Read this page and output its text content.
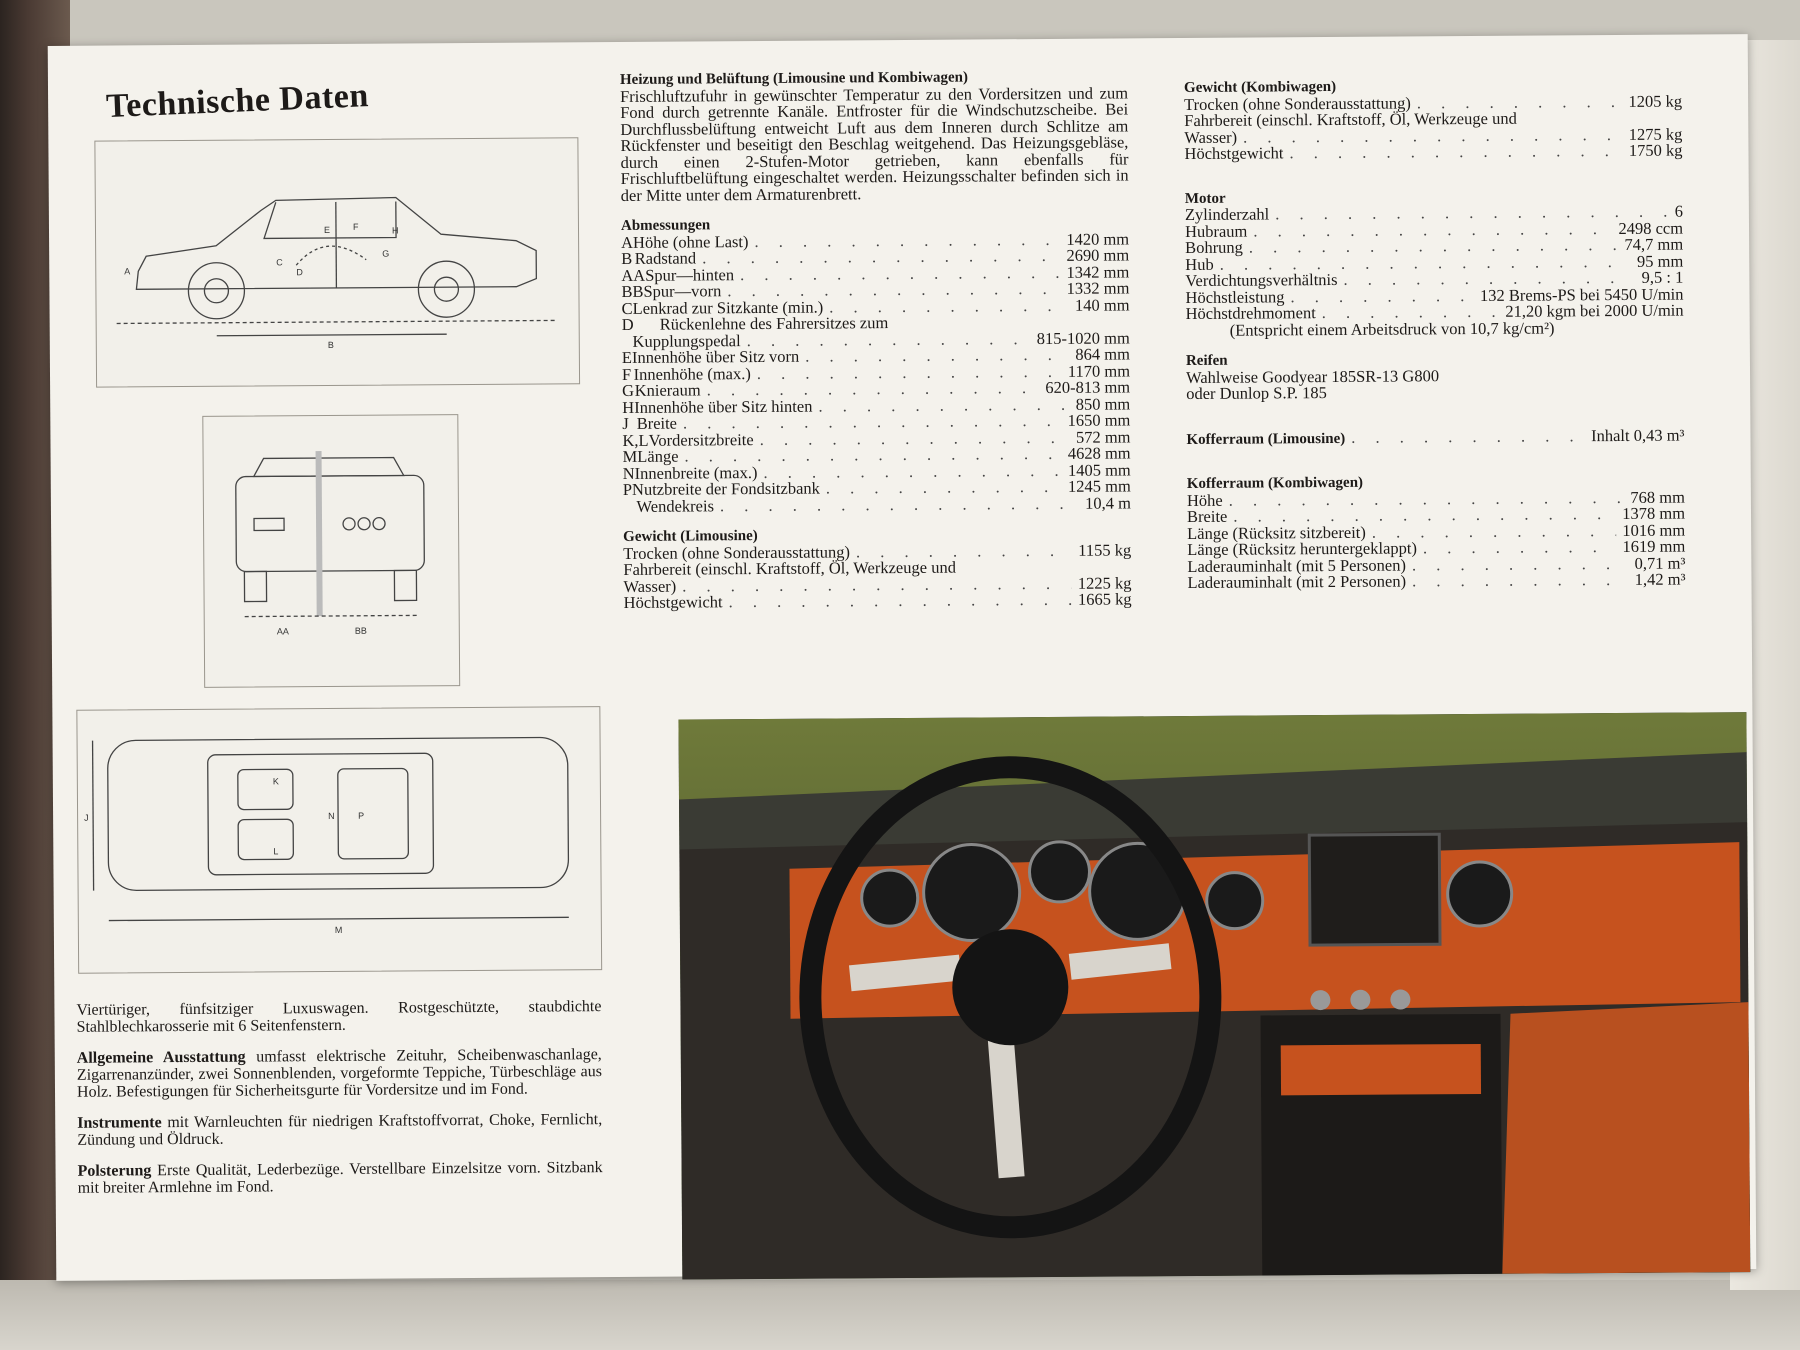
Technische Daten
A
B
C
D
E	F
G
H
AA	BB
J
K
L
M
N	P

Viertüriger, fünfsitziger Luxuswagen. Rostgeschützte, staubdichte Stahlblechkarosserie mit 6 Seitenfenstern.

Allgemeine Ausstattung umfasst elektrische Zeituhr, Scheibenwaschanlage, Zigarrenanzünder, zwei Sonnenblenden, vorgeformte Teppiche, Türbeschläge aus Holz. Befestigungen für Sicherheitsgurte für Vordersitze und im Fond.

Instrumente mit Warnleuchten für niedrigen Kraftstoffvorrat, Choke, Fernlicht, Zündung und Öldruck.

Polsterung Erste Qualität, Lederbezüge. Verstellbare Einzelsitze vorn. Sitzbank mit breiter Armlehne im Fond.

Heizung und Belüftung (Limousine und Kombiwagen)
Frischluftzufuhr in gewünschter Temperatur zu den Vordersitzen und zum Fond durch getrennte Kanäle. Entfroster für die Windschutzscheibe. Bei Durchflussbelüftung entweicht Luft aus dem Inneren durch Schlitze am Rückfenster und beseitigt den Beschlag weitgehend. Das Heizungsgebläse, durch einen 2-Stufen-Motor getrieben, kann ebenfalls für Frischluftbelüftung eingeschaltet werden. Heizungsschalter befinden sich in der Mitte unter dem Armaturenbrett.
Abmessungen
A Höhe (ohne Last) . . .	1420 mm
B Radstand . . .	2690 mm
AA Spur—hinten . . .	1342 mm
BB Spur—vorn . . .	1332 mm
C Lenkrad zur Sitzkante (min.) . . .	140 mm
D	Rückenlehne des Fahrersitzes zum
Kupplungspedal . . .	815-1020 mm
E Innenhöhe über Sitz vorn . . .	864 mm
F Innenhöhe (max.) . . .	1170 mm
G Knieraum . . .	620-813 mm
H Innenhöhe über Sitz hinten . . .	850 mm
J Breite . . .	1650 mm
K,L Vordersitzbreite . . .	572 mm
M Länge . . .	4628 mm
N Innenbreite (max.) . . .	1405 mm
P Nutzbreite der Fondsitzbank . . .	1245 mm
Wendekreis . . .	10,4 m
Gewicht (Limousine)
Trocken (ohne Sonderausstattung) . . .	1155 kg
Fahrbereit (einschl. Kraftstoff, Öl, Werkzeuge und
Wasser) . . .	1225 kg
Höchstgewicht . . .	1665 kg
Gewicht (Kombiwagen)
Trocken (ohne Sonderausstattung) . . .	1205 kg
Fahrbereit (einschl. Kraftstoff, Öl, Werkzeuge und
Wasser) . . .	1275 kg
Höchstgewicht . . .	1750 kg
Motor
Zylinderzahl . . .	6
Hubraum . . .	2498 ccm
Bohrung . . .	74,7 mm
Hub . . .	95 mm
Verdichtungsverhältnis . . .	9,5 : 1
Höchstleistung . . .	132 Brems-PS bei 5450 U/min
Höchstdrehmoment . . .	21,20 kgm bei 2000 U/min
(Entspricht einem Arbeitsdruck von 10,7 kg/cm²)
Reifen
Wahlweise Goodyear 185SR-13 G800
oder Dunlop S.P. 185
Kofferraum (Limousine) . . .	Inhalt 0,43 m³
Kofferraum (Kombiwagen)
Höhe . . .	768 mm
Breite . . .	1378 mm
Länge (Rücksitz sitzbereit) . . .	1016 mm
Länge (Rücksitz heruntergeklappt) . . .	1619 mm
Laderauminhalt (mit 5 Personen) . . .	0,71 m³
Laderauminhalt (mit 2 Personen) . . .	1,42 m³
